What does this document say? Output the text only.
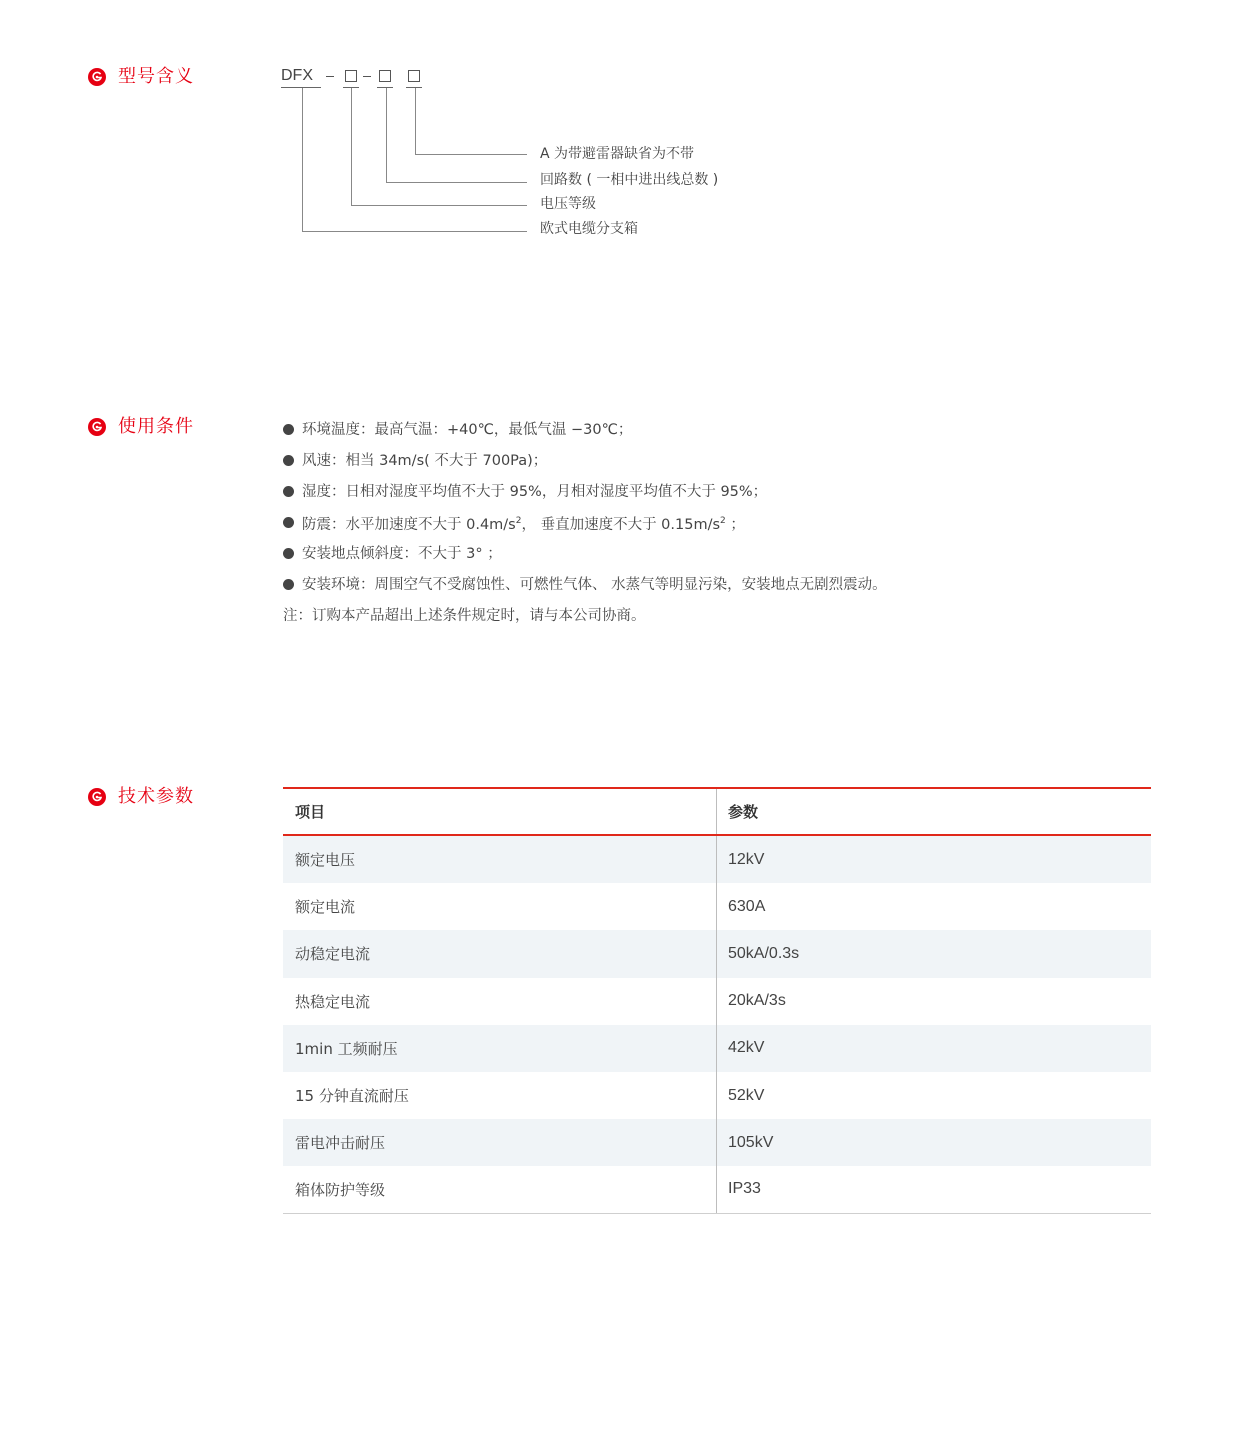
型号含义	DFX
A 为带避雷器缺省为不带
回路数 ( 一相中进出线总数 )
电压等级
欧式电缆分支箱
使用条件	环境温度：最高气温：+40℃，最低气温 −30℃；
风速：相当 34m/s( 不大于 700Pa)；
湿度：日相对湿度平均值不大于 95%，月相对湿度平均值不大于 95%；
防震：水平加速度不大于 $0.4m/s^2$， 垂直加速度不大于 $0.15m/s^2$ ；
安装地点倾斜度：不大于 3° ；
安装环境：周围空气不受腐蚀性、可燃性气体、 水蒸气等明显污染，安装地点无剧烈震动。
注：订购本产品超出上述条件规定时，请与本公司协商。
技术参数
项目	参数
额定电压	12kV
额定电流	630A
动稳定电流	50kA/0.3s
热稳定电流	20kA/3s
1min 工频耐压	42kV
15 分钟直流耐压	52kV
雷电冲击耐压	105kV
箱体防护等级	IP33
